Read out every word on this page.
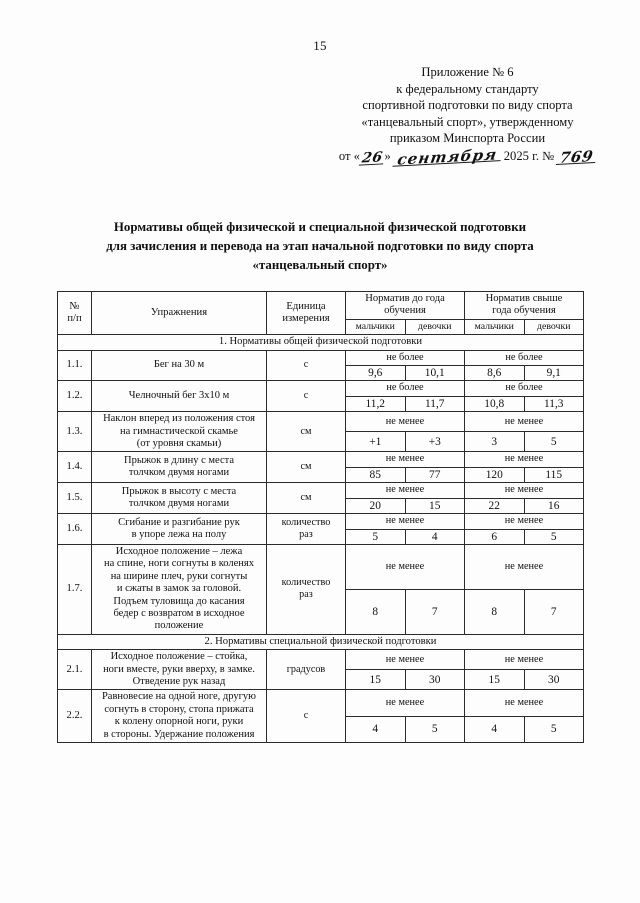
15
Приложение № 6
к федеральному стандарту
спортивной подготовки по виду спорта
«танцевальный спорт», утвержденному
приказом Минспорта России
от «26» сентября 2025 г. № 769
Нормативы общей физической и специальной физической подготовки
для зачисления и перевода на этап начальной подготовки по виду спорта
«танцевальный спорт»
№
п/п	Упражнения	Единица
измерения	Норматив до года
обучения		Норматив свыше
года обучения	
			мальчики	девочки	мальчики	девочки
1. Нормативы общей физической подготовки						
1.1.	Бег на 30 м	с	не более		не более	
			9,6	10,1	8,6	9,1
1.2.	Челночный бег 3х10 м	с	не более		не более	
			11,2	11,7	10,8	11,3
1.3.	Наклон вперед из положения стоя
на гимнастической скамье
(от уровня скамьи)	см	не менее		не менее	
			+1	+3	3	5
1.4.	Прыжок в длину с места
толчком двумя ногами	см	не менее		не менее	
			85	77	120	115
1.5.	Прыжок в высоту с места
толчком двумя ногами	см	не менее		не менее	
			20	15	22	16
1.6.	Сгибание и разгибание рук
в упоре лежа на полу	количество
раз	не менее		не менее	
			5	4	6	5
1.7.	Исходное положение – лежа
на спине, ноги согнуты в коленях
на ширине плеч, руки согнуты
и сжаты в замок за головой.
Подъем туловища до касания
бедер с возвратом в исходное
положение	количество
раз	не менее	не менее
			8	7	8	7
2. Нормативы специальной физической подготовки						
2.1.	Исходное положение – стойка,
ноги вместе, руки вверху, в замке.
Отведение рук назад	градусов	не менее		не менее	
			15	30	15	30
2.2.	Равновесие на одной ноге, другую
согнуть в сторону, стопа прижата
к колену опорной ноги, руки
в стороны. Удержание положения	с	не менее		не менее	
			4	5	4	5
